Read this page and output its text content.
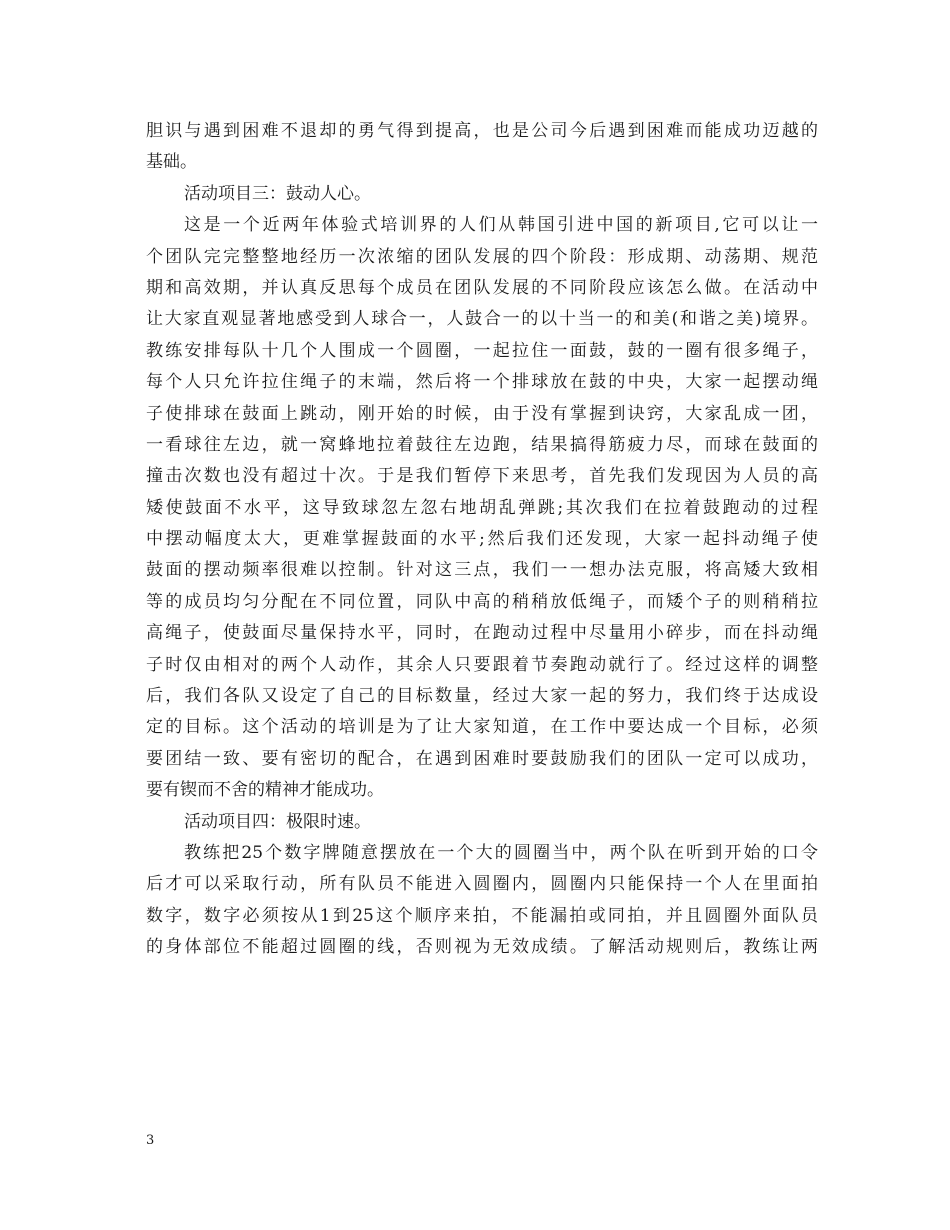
胆识与遇到困难不退却的勇气得到提高，也是公司今后遇到困难而能成功迈越的
基础。
活动项目三：鼓动人心。
这是一个近两年体验式培训界的人们从韩国引进中国的新项目,它可以让一
个团队完完整整地经历一次浓缩的团队发展的四个阶段：形成期、动荡期、规范
期和高效期，并认真反思每个成员在团队发展的不同阶段应该怎么做。在活动中
让大家直观显著地感受到人球合一，人鼓合一的以十当一的和美(和谐之美)境界。
教练安排每队十几个人围成一个圆圈，一起拉住一面鼓，鼓的一圈有很多绳子，
每个人只允许拉住绳子的末端，然后将一个排球放在鼓的中央，大家一起摆动绳
子使排球在鼓面上跳动，刚开始的时候，由于没有掌握到诀窍，大家乱成一团，
一看球往左边，就一窝蜂地拉着鼓往左边跑，结果搞得筋疲力尽，而球在鼓面的
撞击次数也没有超过十次。于是我们暂停下来思考，首先我们发现因为人员的高
矮使鼓面不水平，这导致球忽左忽右地胡乱弹跳;其次我们在拉着鼓跑动的过程
中摆动幅度太大，更难掌握鼓面的水平;然后我们还发现，大家一起抖动绳子使
鼓面的摆动频率很难以控制。针对这三点，我们一一想办法克服，将高矮大致相
等的成员均匀分配在不同位置，同队中高的稍稍放低绳子，而矮个子的则稍稍拉
高绳子，使鼓面尽量保持水平，同时，在跑动过程中尽量用小碎步，而在抖动绳
子时仅由相对的两个人动作，其余人只要跟着节奏跑动就行了。经过这样的调整
后，我们各队又设定了自己的目标数量，经过大家一起的努力，我们终于达成设
定的目标。这个活动的培训是为了让大家知道，在工作中要达成一个目标，必须
要团结一致、要有密切的配合，在遇到困难时要鼓励我们的团队一定可以成功，
要有锲而不舍的精神才能成功。
活动项目四：极限时速。
教练把25个数字牌随意摆放在一个大的圆圈当中，两个队在听到开始的口令
后才可以采取行动，所有队员不能进入圆圈内，圆圈内只能保持一个人在里面拍
数字，数字必须按从1到25这个顺序来拍，不能漏拍或同拍，并且圆圈外面队员
的身体部位不能超过圆圈的线，否则视为无效成绩。了解活动规则后，教练让两
3
